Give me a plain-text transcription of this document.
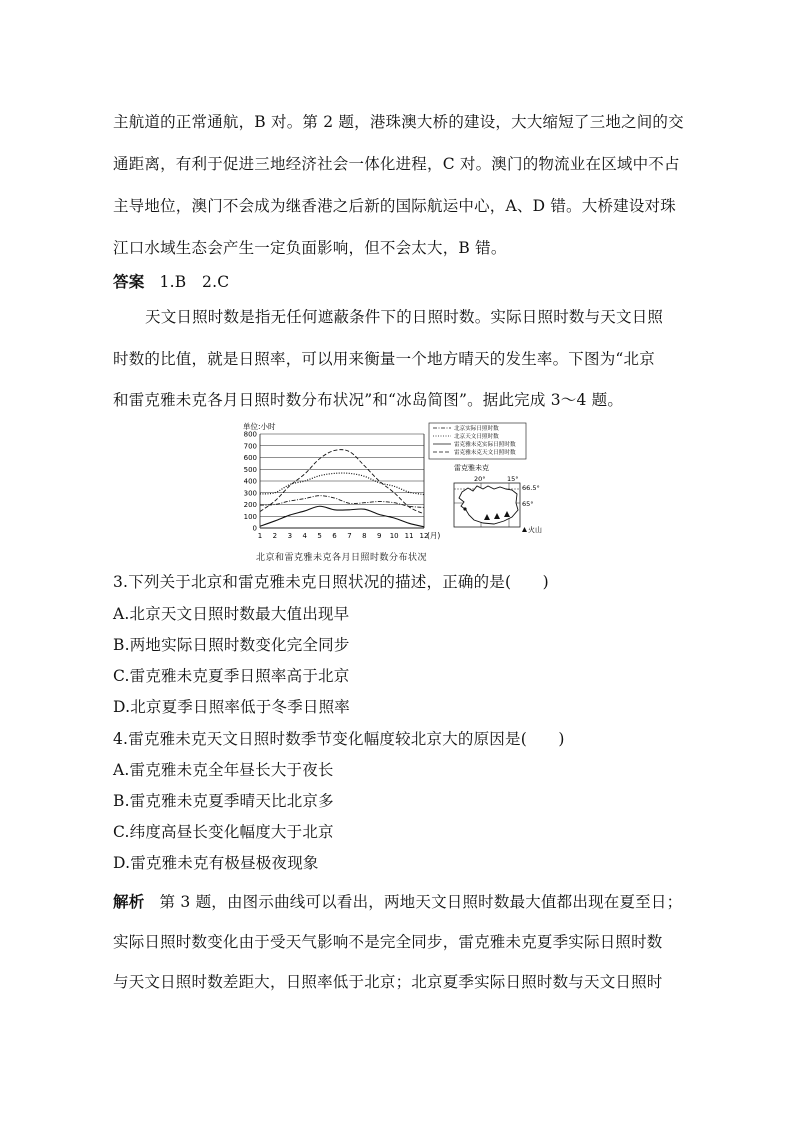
主航道的正常通航，B 对。第 2 题，港珠澳大桥的建设，大大缩短了三地之间的交
通距离，有利于促进三地经济社会一体化进程，C 对。澳门的物流业在区域中不占
主导地位，澳门不会成为继香港之后新的国际航运中心，A、D 错。大桥建设对珠
江口水域生态会产生一定负面影响，但不会太大，B 错。
答案 1.B　2.C
天文日照时数是指无任何遮蔽条件下的日照时数。实际日照时数与天文日照
时数的比值，就是日照率，可以用来衡量一个地方晴天的发生率。下图为“北京
和雷克雅未克各月日照时数分布状况”和“冰岛简图”。据此完成 3～4 题。
单位:小时
0
100
200
300
400
500
600
700
800
1 2 3 4 5 6 7 8 9 10 11 12
(月)
北京实际日照时数
北京天文日照时数
雷克雅未克实际日照时数
雷克雅未克天文日照时数
雷克雅未克
20°	15°
66.5°
65°
火山
北京和雷克雅未克各月日照时数分布状况
3.下列关于北京和雷克雅未克日照状况的描述，正确的是(　　)
A.北京天文日照时数最大值出现早
B.两地实际日照时数变化完全同步
C.雷克雅未克夏季日照率高于北京
D.北京夏季日照率低于冬季日照率
4.雷克雅未克天文日照时数季节变化幅度较北京大的原因是(　　)
A.雷克雅未克全年昼长大于夜长
B.雷克雅未克夏季晴天比北京多
C.纬度高昼长变化幅度大于北京
D.雷克雅未克有极昼极夜现象
解析 第 3 题，由图示曲线可以看出，两地天文日照时数最大值都出现在夏至日；
实际日照时数变化由于受天气影响不是完全同步，雷克雅未克夏季实际日照时数
与天文日照时数差距大，日照率低于北京；北京夏季实际日照时数与天文日照时
